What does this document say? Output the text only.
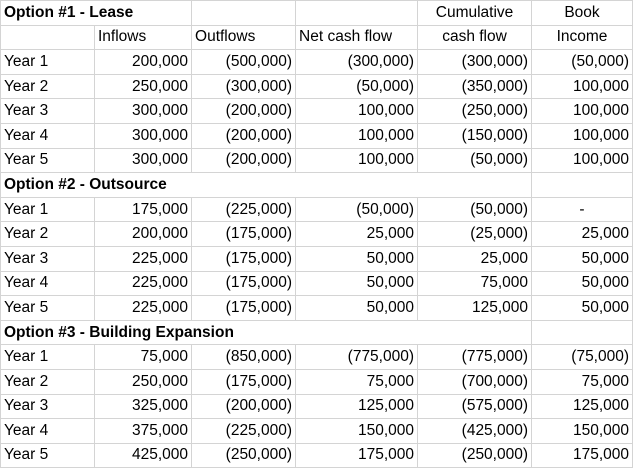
Option #1 - Lease				Cumulative	Book
	Inflows	Outflows	Net cash flow	cash flow	Income
Year 1	200,000	(500,000)	(300,000)	(300,000)	(50,000)
Year 2	250,000	(300,000)	(50,000)	(350,000)	100,000
Year 3	300,000	(200,000)	100,000	(250,000)	100,000
Year 4	300,000	(200,000)	100,000	(150,000)	100,000
Year 5	300,000	(200,000)	100,000	(50,000)	100,000
Option #2 - Outsource					
Year 1	175,000	(225,000)	(50,000)	(50,000)	-
Year 2	200,000	(175,000)	25,000	(25,000)	25,000
Year 3	225,000	(175,000)	50,000	25,000	50,000
Year 4	225,000	(175,000)	50,000	75,000	50,000
Year 5	225,000	(175,000)	50,000	125,000	50,000
Option #3 - Building Expansion					
Year 1	75,000	(850,000)	(775,000)	(775,000)	(75,000)
Year 2	250,000	(175,000)	75,000	(700,000)	75,000
Year 3	325,000	(200,000)	125,000	(575,000)	125,000
Year 4	375,000	(225,000)	150,000	(425,000)	150,000
Year 5	425,000	(250,000)	175,000	(250,000)	175,000
